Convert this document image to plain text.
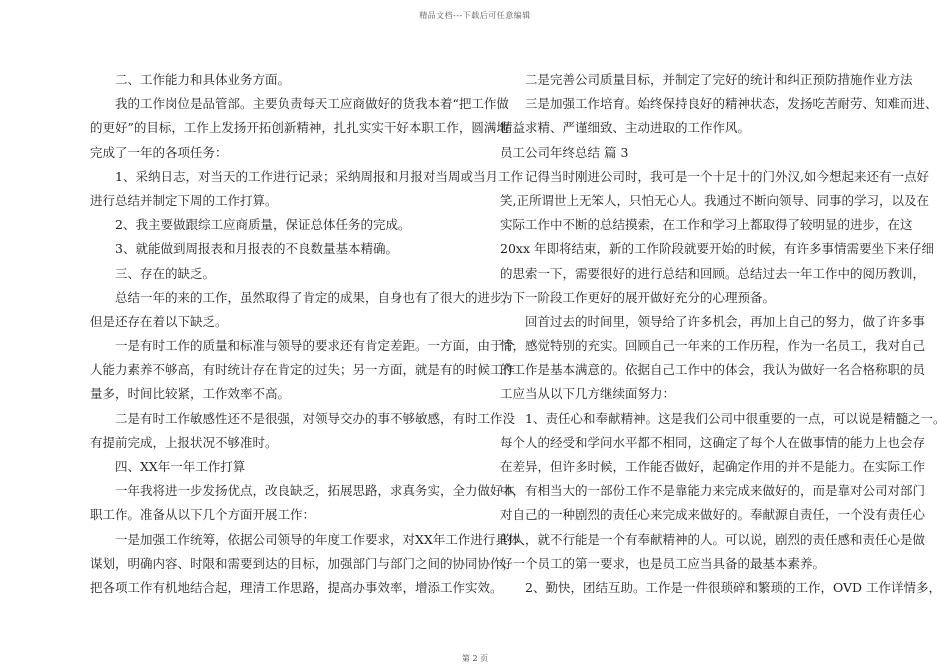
精品文档---下载后可任意编辑
二、工作能力和具体业务方面。
我的工作岗位是品管部。主要负责每天工应商做好的货我本着“把工作做
的更好”的目标，工作上发扬开拓创新精神，扎扎实实干好本职工作，圆满地
完成了一年的各项任务：
1、采纳日志，对当天的工作进行记录；采纳周报和月报对当周或当月工作
进行总结并制定下周的工作打算。
2、我主要做跟综工应商质量，保证总体任务的完成。
3、就能做到周报表和月报表的不良数量基本精确。
三、存在的缺乏。
总结一年的来的工作，虽然取得了肯定的成果，自身也有了很大的进步，
但是还存在着以下缺乏。
一是有时工作的质量和标准与领导的要求还有肯定差距。一方面，由于个
人能力素养不够高，有时统计存在肯定的过失；另一方面，就是有的时候工作
量多，时间比较紧，工作效率不高。
二是有时工作敏感性还不是很强，对领导交办的事不够敏感，有时工作没
有提前完成，上报状况不够准时。
四、XX年一年工作打算
一年我将进一步发扬优点，改良缺乏，拓展思路，求真务实，全力做好本
职工作。准备从以下几个方面开展工作：
一是加强工作统筹，依据公司领导的年度工作要求，对XX年工作进行具体
谋划，明确内容、时限和需要到达的目标，加强部门与部门之间的协同协作，
把各项工作有机地结合起，理清工作思路，提高办事效率，增添工作实效。
二是完善公司质量目标，并制定了完好的统计和纠正预防措施作业方法
三是加强工作培育。始终保持良好的精神状态，发扬吃苦耐劳、知难而进、
精益求精、严谨细致、主动进取的工作作风。
员工公司年终总结 篇 3
记得当时刚进公司时，我可是一个十足十的门外汉,如今想起来还有一点好
笑,正所谓世上无笨人，只怕无心人。我通过不断向领导、同事的学习，以及在
实际工作中不断的总结摸索，在工作和学习上都取得了较明显的进步，在这
20xx 年即将结束，新的工作阶段就要开始的时候，有许多事情需要坐下来仔细
的思索一下，需要很好的进行总结和回顾。总结过去一年工作中的阅历教训，
为下一阶段工作更好的展开做好充分的心理预备。
回首过去的时间里，领导给了许多机会，再加上自己的努力，做了许多事
情，感觉特别的充实。回顾自己一年来的工作历程，作为一名员工，我对自己
的工作是基本满意的。依据自己工作中的体会，我认为做好一名合格称职的员
工应当从以下几方继续面努力：
1、责任心和奉献精神。这是我们公司中很重要的一点，可以说是精髓之一。
每个人的经受和学问水平都不相同，这确定了每个人在做事情的能力上也会存
在差异，但许多时候，工作能否做好，起确定作用的并不是能力。在实际工作
中，有相当大的一部份工作不是靠能力来完成来做好的，而是靠对公司对部门
对自己的一种剧烈的责任心来完成来做好的。奉献源自责任，一个没有责任心
的人，就不行能是一个有奉献精神的人。可以说，剧烈的责任感和责任心是做
好一个员工的第一要求，也是员工应当具备的最基本素养。
2、勤快，团结互助。工作是一件很琐碎和繁琐的工作，OVD 工作详情多，
第 2 页
